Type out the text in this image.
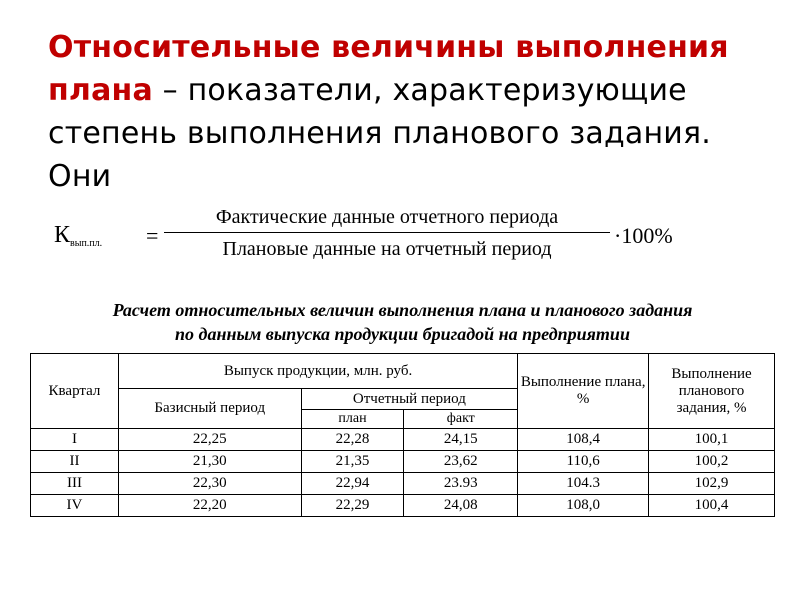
Относительные величины выполнения плана – показатели, характеризующие степень выполнения планового задания. Они
$К_{вып.пл.}$ =
Фактические данные отчетного периода
Плановые данные на отчетный период
·100%
Расчет относительных величин выполнения плана и планового задания
по данным выпуска продукции бригадой на предприятии
Квартал	Выпуск продукции, млн. руб.			Выполнение плана, %	Выполнение планового задания, %
	Базисный период	Отчетный период			
		план	факт		
I	22,25	22,28	24,15	108,4	100,1
II	21,30	21,35	23,62	110,6	100,2
III	22,30	22,94	23.93	104.3	102,9
IV	22,20	22,29	24,08	108,0	100,4
